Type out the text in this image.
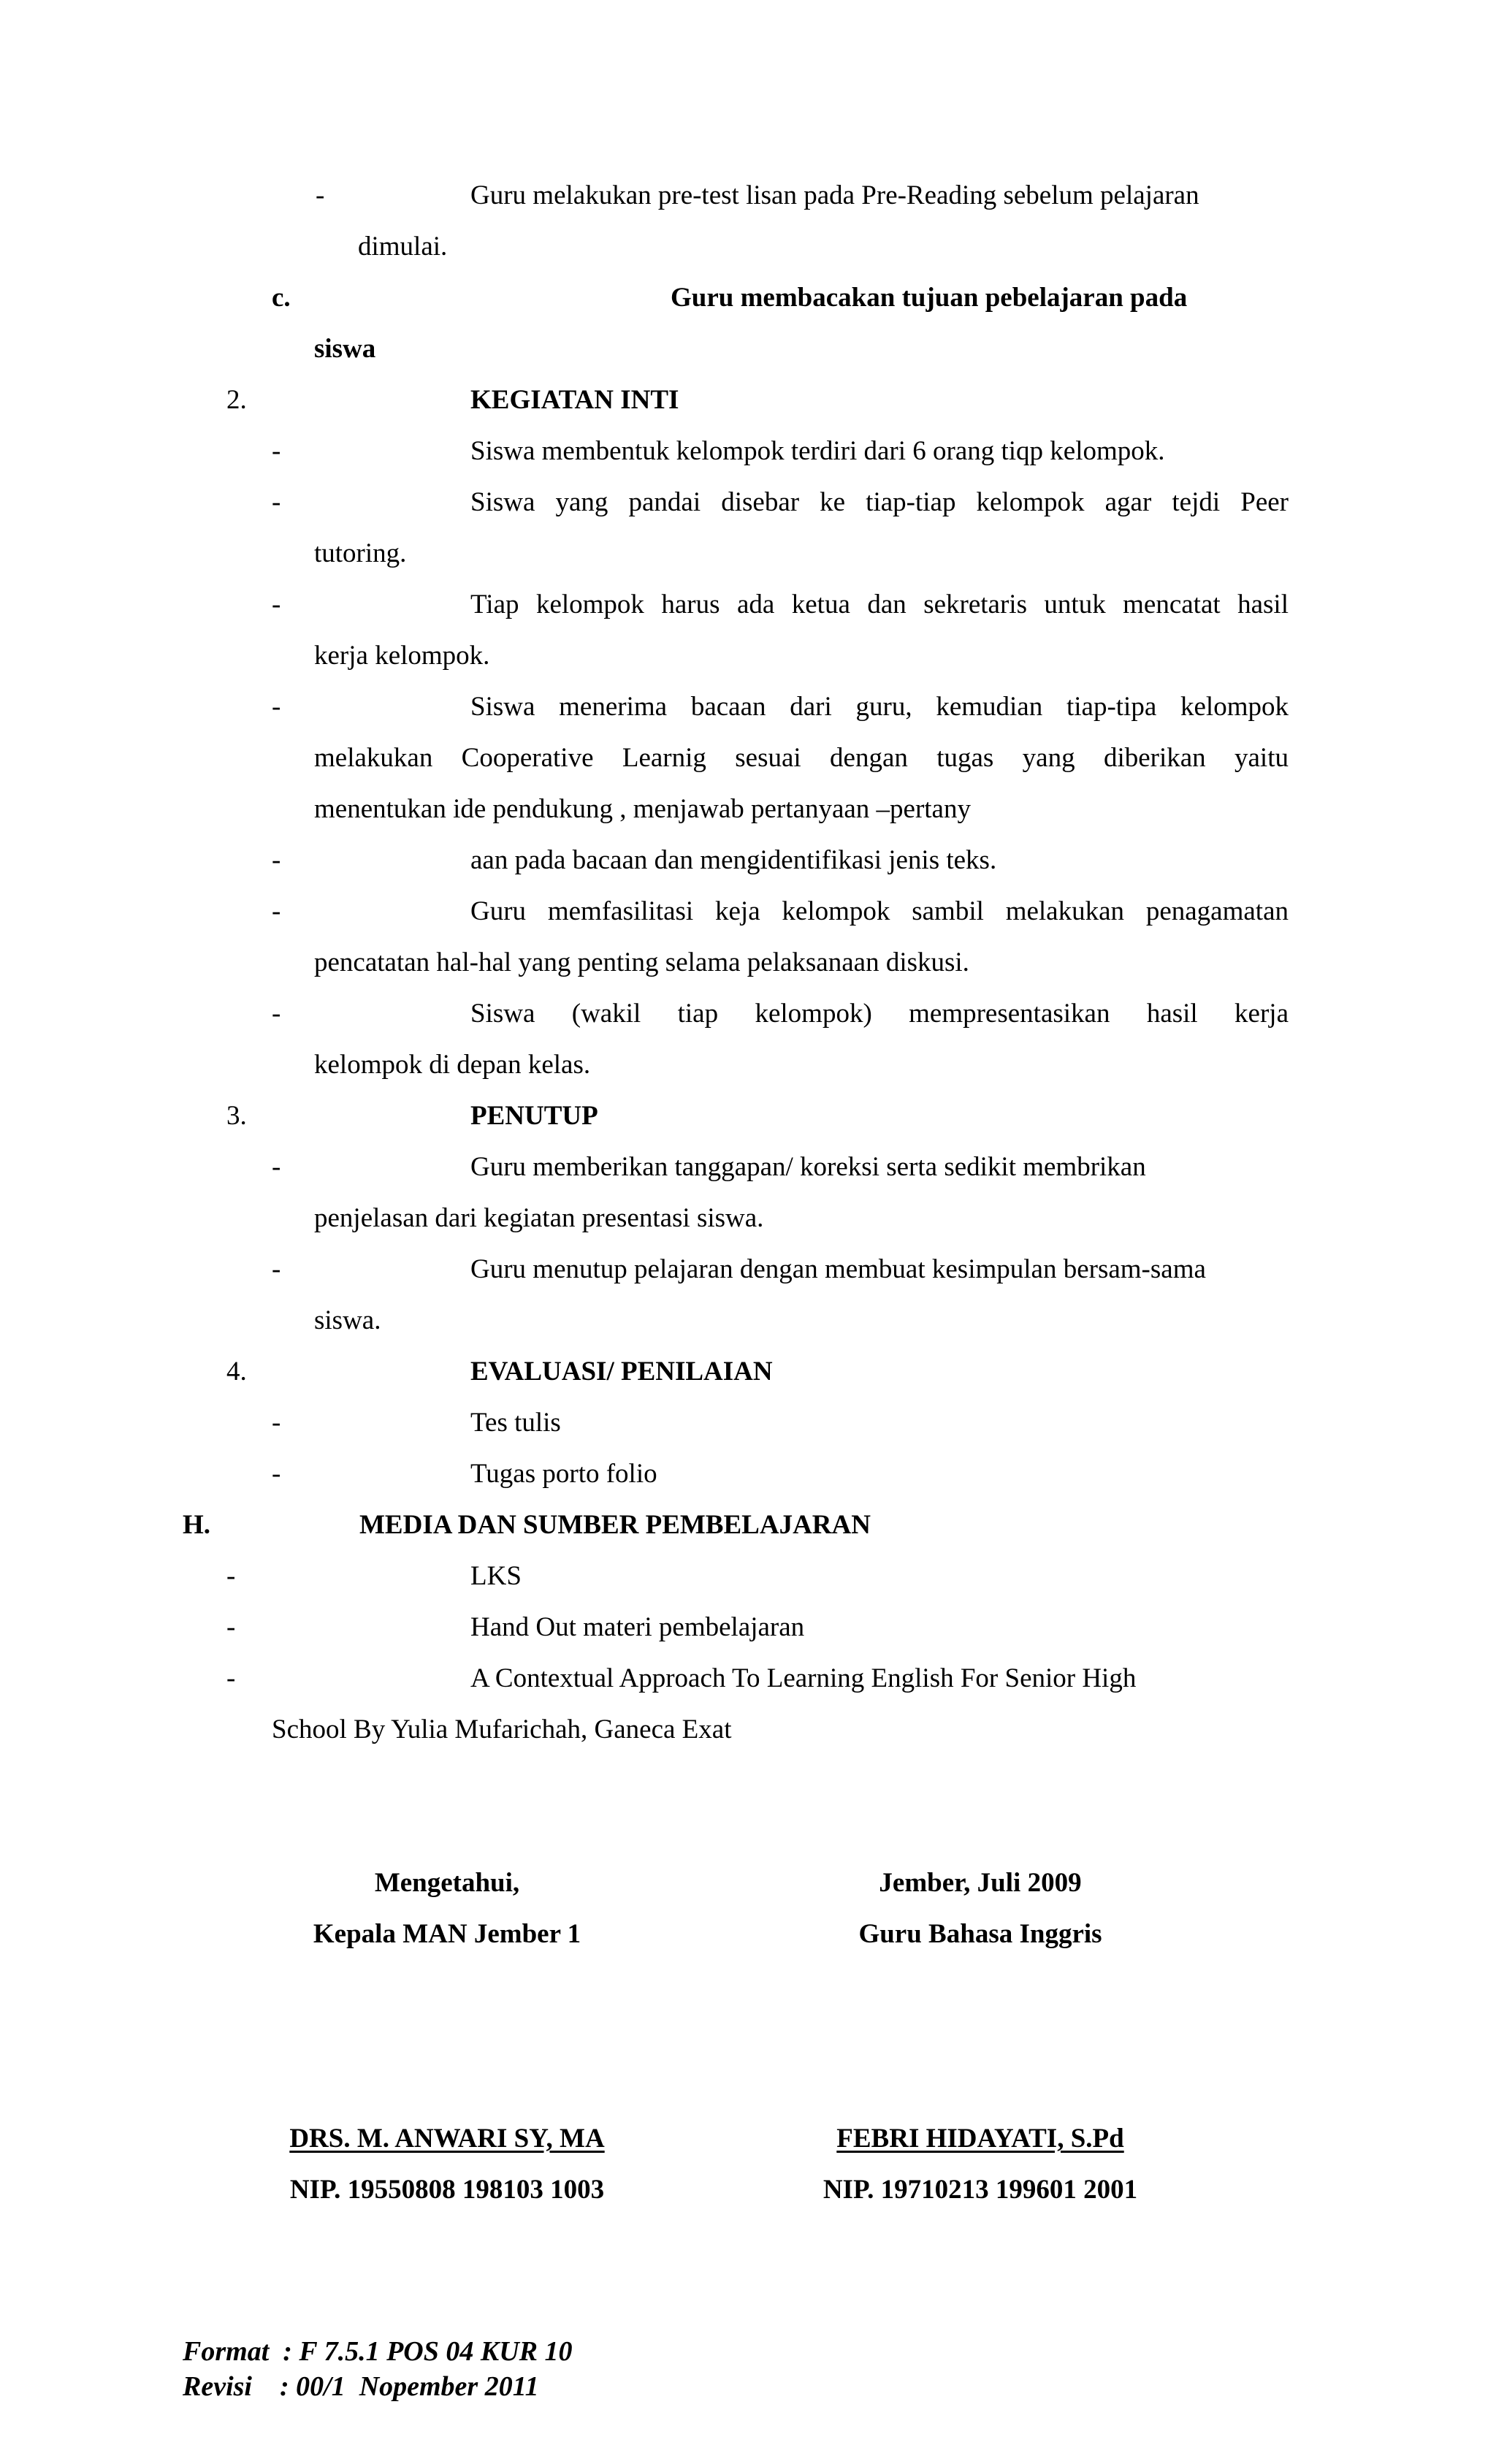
-	Guru melakukan pre-test lisan pada Pre-Reading sebelum pelajaran
dimulai.
c.	Guru membacakan tujuan pebelajaran pada
siswa
2.	KEGIATAN INTI
-	Siswa membentuk kelompok terdiri dari 6 orang tiqp kelompok.
-	Siswa yang pandai disebar ke tiap-tiap kelompok agar tejdi Peer
tutoring.
-	Tiap kelompok harus ada ketua dan sekretaris untuk mencatat hasil
kerja kelompok.
-	Siswa menerima bacaan dari guru, kemudian tiap-tipa kelompok
melakukan Cooperative Learnig sesuai dengan tugas yang diberikan yaitu
menentukan ide pendukung , menjawab pertanyaan –pertany
-	aan pada bacaan dan mengidentifikasi jenis teks.
-	Guru memfasilitasi keja kelompok sambil melakukan penagamatan
pencatatan hal-hal yang penting selama pelaksanaan diskusi.
-	Siswa (wakil tiap kelompok) mempresentasikan hasil kerja
kelompok di depan kelas.
3.	PENUTUP
-	Guru memberikan tanggapan/ koreksi serta sedikit membrikan
penjelasan dari kegiatan presentasi siswa.
-	Guru menutup pelajaran dengan membuat kesimpulan bersam-sama
siswa.
4.	EVALUASI/ PENILAIAN
-	Tes tulis
-	Tugas porto folio
H.	MEDIA DAN SUMBER PEMBELAJARAN
-	LKS
-	Hand Out materi pembelajaran
-	A Contextual Approach To Learning English For Senior High
School By Yulia Mufarichah, Ganeca Exat
Mengetahui,
Kepala MAN Jember 1
Jember, Juli 2009
Guru Bahasa Inggris
DRS. M. ANWARI SY, MA
NIP. 19550808 198103 1003
FEBRI HIDAYATI, S.Pd
NIP. 19710213 199601 2001
Format  : F 7.5.1 POS 04 KUR 10
Revisi    : 00/1  Nopember 2011
